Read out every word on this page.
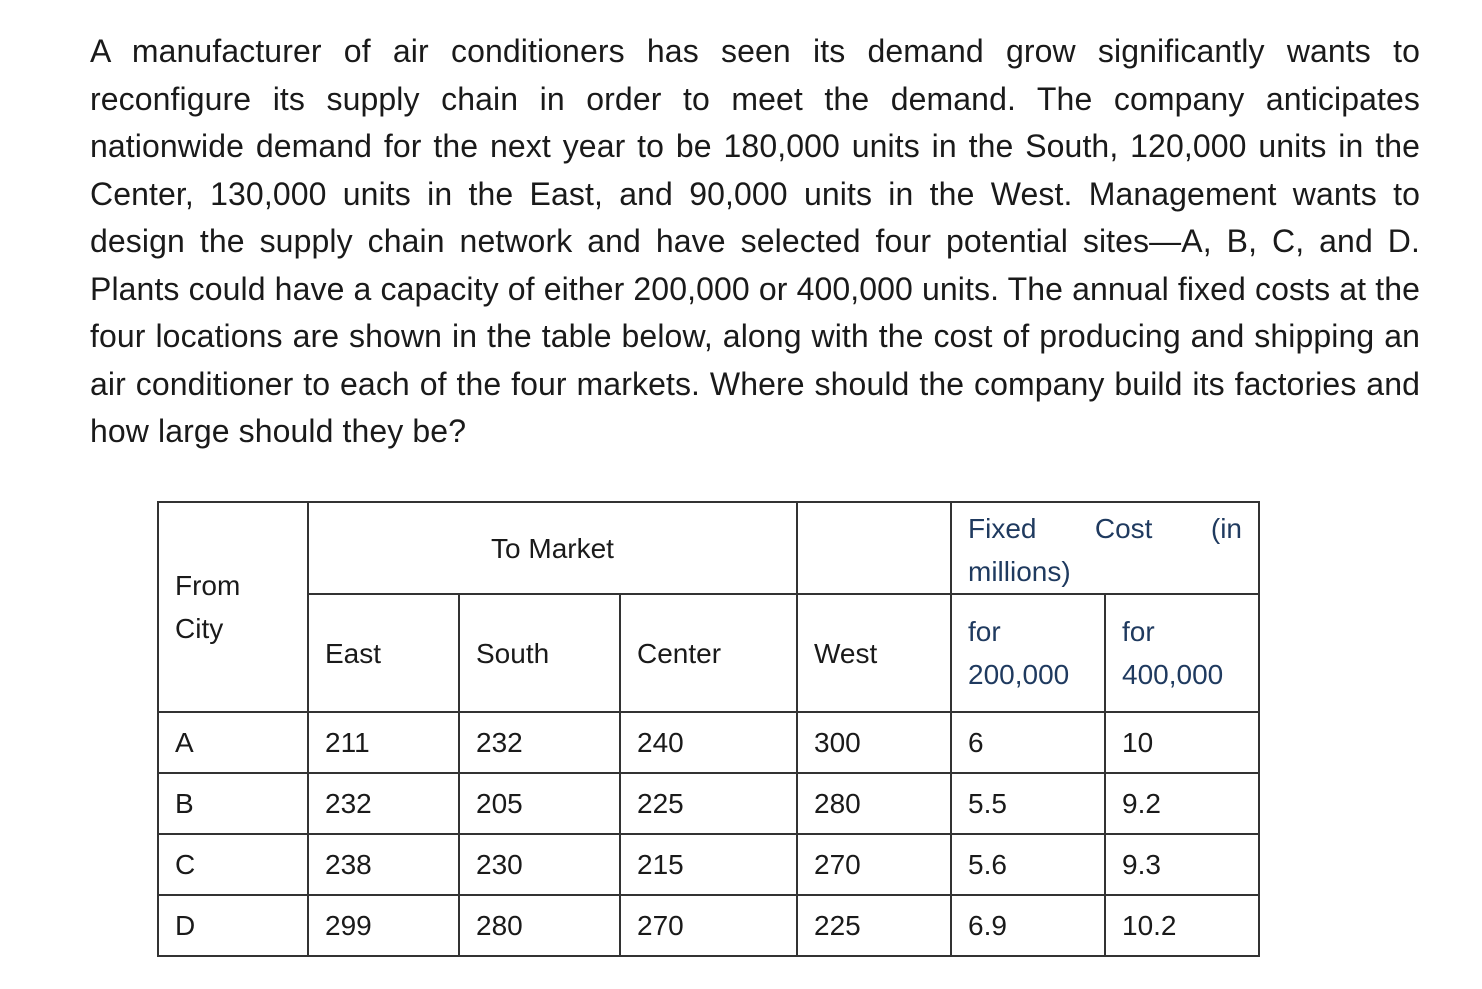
A manufacturer of air conditioners has seen its demand grow significantly wants to reconfigure its supply chain in order to meet the demand. The company anticipates nationwide demand for the next year to be 180,000 units in the South, 120,000 units in the Center, 130,000 units in the East, and 90,000 units in the West. Management wants to design the supply chain network and have selected four potential sites—A, B, C, and D. Plants could have a capacity of either 200,000 or 400,000 units. The annual fixed costs at the four locations are shown in the table below, along with the cost of producing and shipping an air conditioner to each of the four markets. Where should the company build its factories and how large should they be?

From City	To Market				Fixed Cost (in millions)	
	East	South	Center	West	for 200,000	for 400,000
A	211	232	240	300	6	10
B	232	205	225	280	5.5	9.2
C	238	230	215	270	5.6	9.3
D	299	280	270	225	6.9	10.2
